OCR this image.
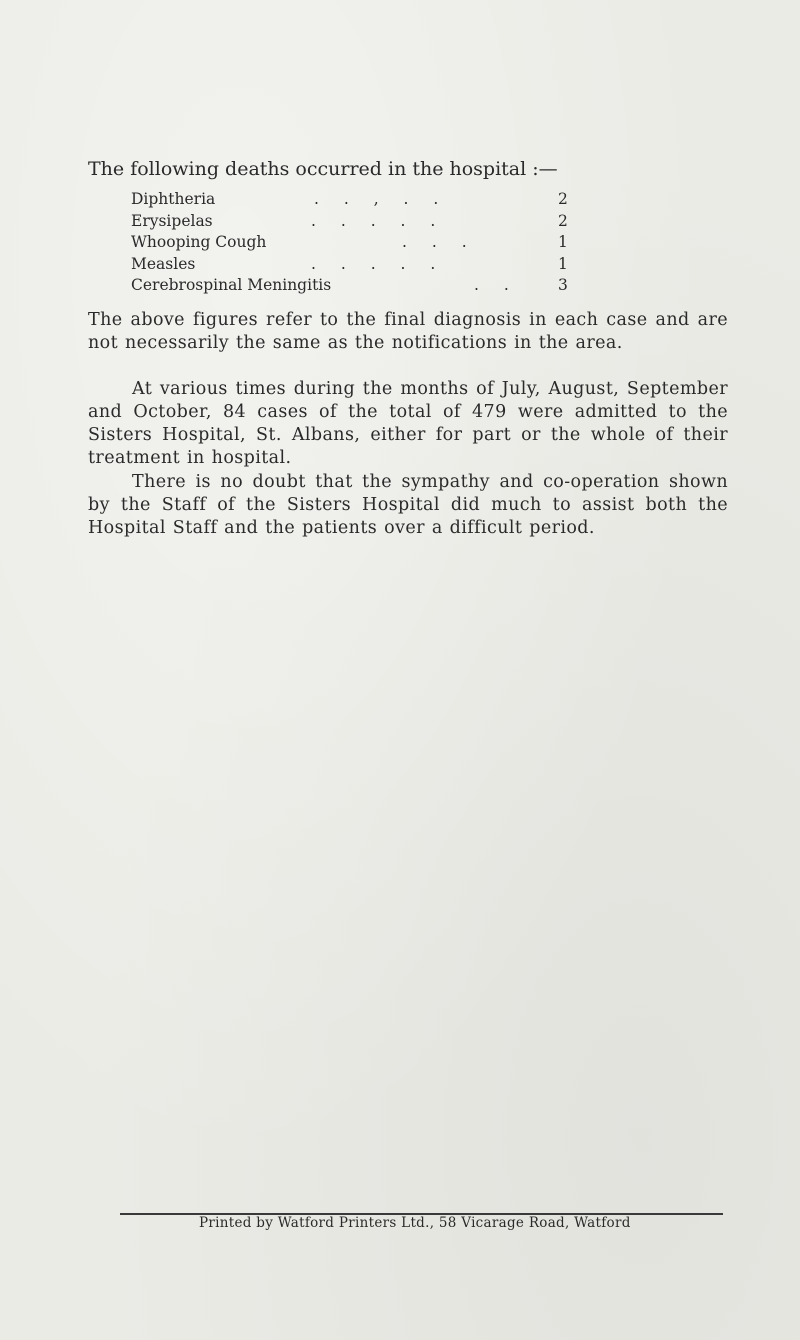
The following deaths occurred in the hospital :—
Diphtheria	. . , . .	2
Erysipelas	. . . . .	2
Whooping Cough	. . .	1
Measles	. . . . .	1
Cerebrospinal Meningitis	. .	3

The above figures refer to the final diagnosis in each case and are not necessarily the same as the notifications in the area.

At various times during the months of July, August, September and October, 84 cases of the total of 479 were admitted to the Sisters Hospital, St. Albans, either for part or the whole of their treatment in hospital.

There is no doubt that the sympathy and co-operation shown by the Staff of the Sisters Hospital did much to assist both the Hospital Staff and the patients over a difficult period.

Printed by Watford Printers Ltd., 58 Vicarage Road, Watford
